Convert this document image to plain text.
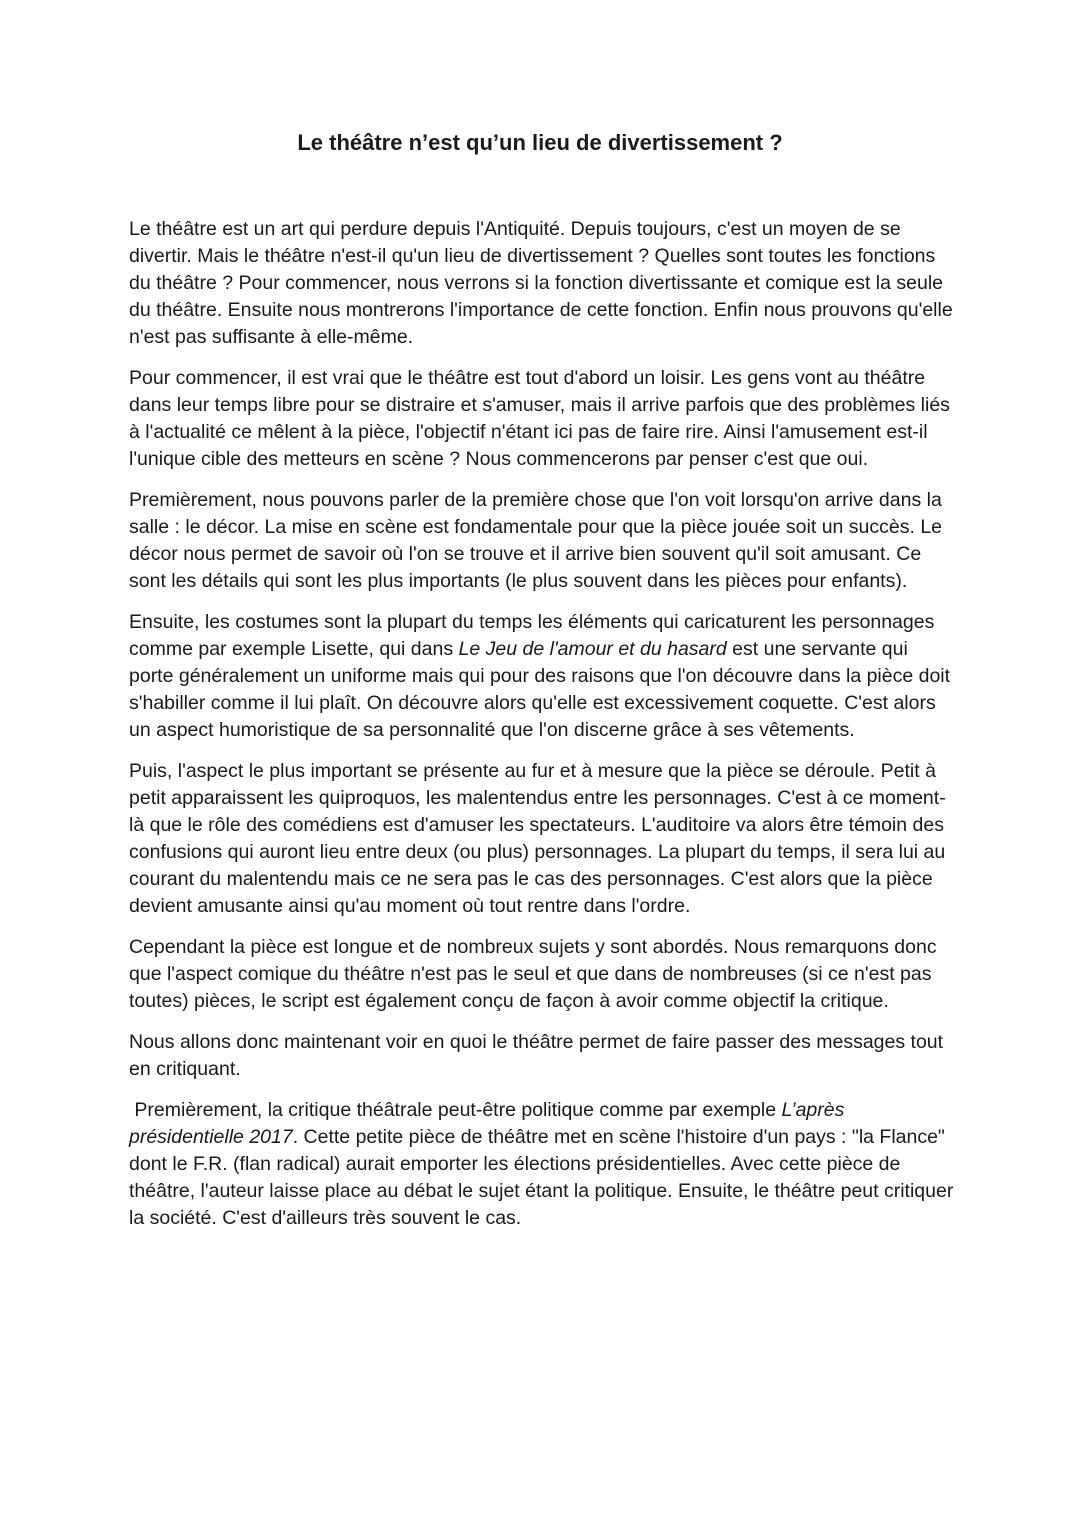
Le théâtre n’est qu’un lieu de divertissement ?

Le théâtre est un art qui perdure depuis l'Antiquité. Depuis toujours, c'est un moyen de se divertir. Mais le théâtre n'est-il qu'un lieu de divertissement ? Quelles sont toutes les fonctions du théâtre ? Pour commencer, nous verrons si la fonction divertissante et comique est la seule du théâtre. Ensuite nous montrerons l'importance de cette fonction. Enfin nous prouvons qu'elle n'est pas suffisante à elle-même.

Pour commencer, il est vrai que le théâtre est tout d'abord un loisir. Les gens vont au théâtre dans leur temps libre pour se distraire et s'amuser, mais il arrive parfois que des problèmes liés à l'actualité ce mêlent à la pièce, l'objectif n'étant ici pas de faire rire. Ainsi l'amusement est-il l'unique cible des metteurs en scène ? Nous commencerons par penser c'est que oui.

Premièrement, nous pouvons parler de la première chose que l'on voit lorsqu'on arrive dans la salle : le décor. La mise en scène est fondamentale pour que la pièce jouée soit un succès. Le décor nous permet de savoir où l'on se trouve et il arrive bien souvent qu'il soit amusant. Ce sont les détails qui sont les plus importants (le plus souvent dans les pièces pour enfants).

Ensuite, les costumes sont la plupart du temps les éléments qui caricaturent les personnages comme par exemple Lisette, qui dans Le Jeu de l'amour et du hasard est une servante qui porte généralement un uniforme mais qui pour des raisons que l'on découvre dans la pièce doit s'habiller comme il lui plaît. On découvre alors qu'elle est excessivement coquette. C'est alors un aspect humoristique de sa personnalité que l'on discerne grâce à ses vêtements.

Puis, l'aspect le plus important se présente au fur et à mesure que la pièce se déroule. Petit à petit apparaissent les quiproquos, les malentendus entre les personnages. C'est à ce moment-là que le rôle des comédiens est d'amuser les spectateurs. L'auditoire va alors être témoin des confusions qui auront lieu entre deux (ou plus) personnages. La plupart du temps, il sera lui au courant du malentendu mais ce ne sera pas le cas des personnages. C'est alors que la pièce devient amusante ainsi qu'au moment où tout rentre dans l'ordre.

Cependant la pièce est longue et de nombreux sujets y sont abordés. Nous remarquons donc que l'aspect comique du théâtre n'est pas le seul et que dans de nombreuses (si ce n'est pas toutes) pièces, le script est également conçu de façon à avoir comme objectif la critique.

Nous allons donc maintenant voir en quoi le théâtre permet de faire passer des messages tout en critiquant.

Premièrement, la critique théâtrale peut-être politique comme par exemple L’après présidentielle 2017. Cette petite pièce de théâtre met en scène l'histoire d'un pays : "la Flance" dont le F.R. (flan radical) aurait emporter les élections présidentielles. Avec cette pièce de théâtre, l'auteur laisse place au débat le sujet étant la politique. Ensuite, le théâtre peut critiquer la société. C'est d'ailleurs très souvent le cas.
